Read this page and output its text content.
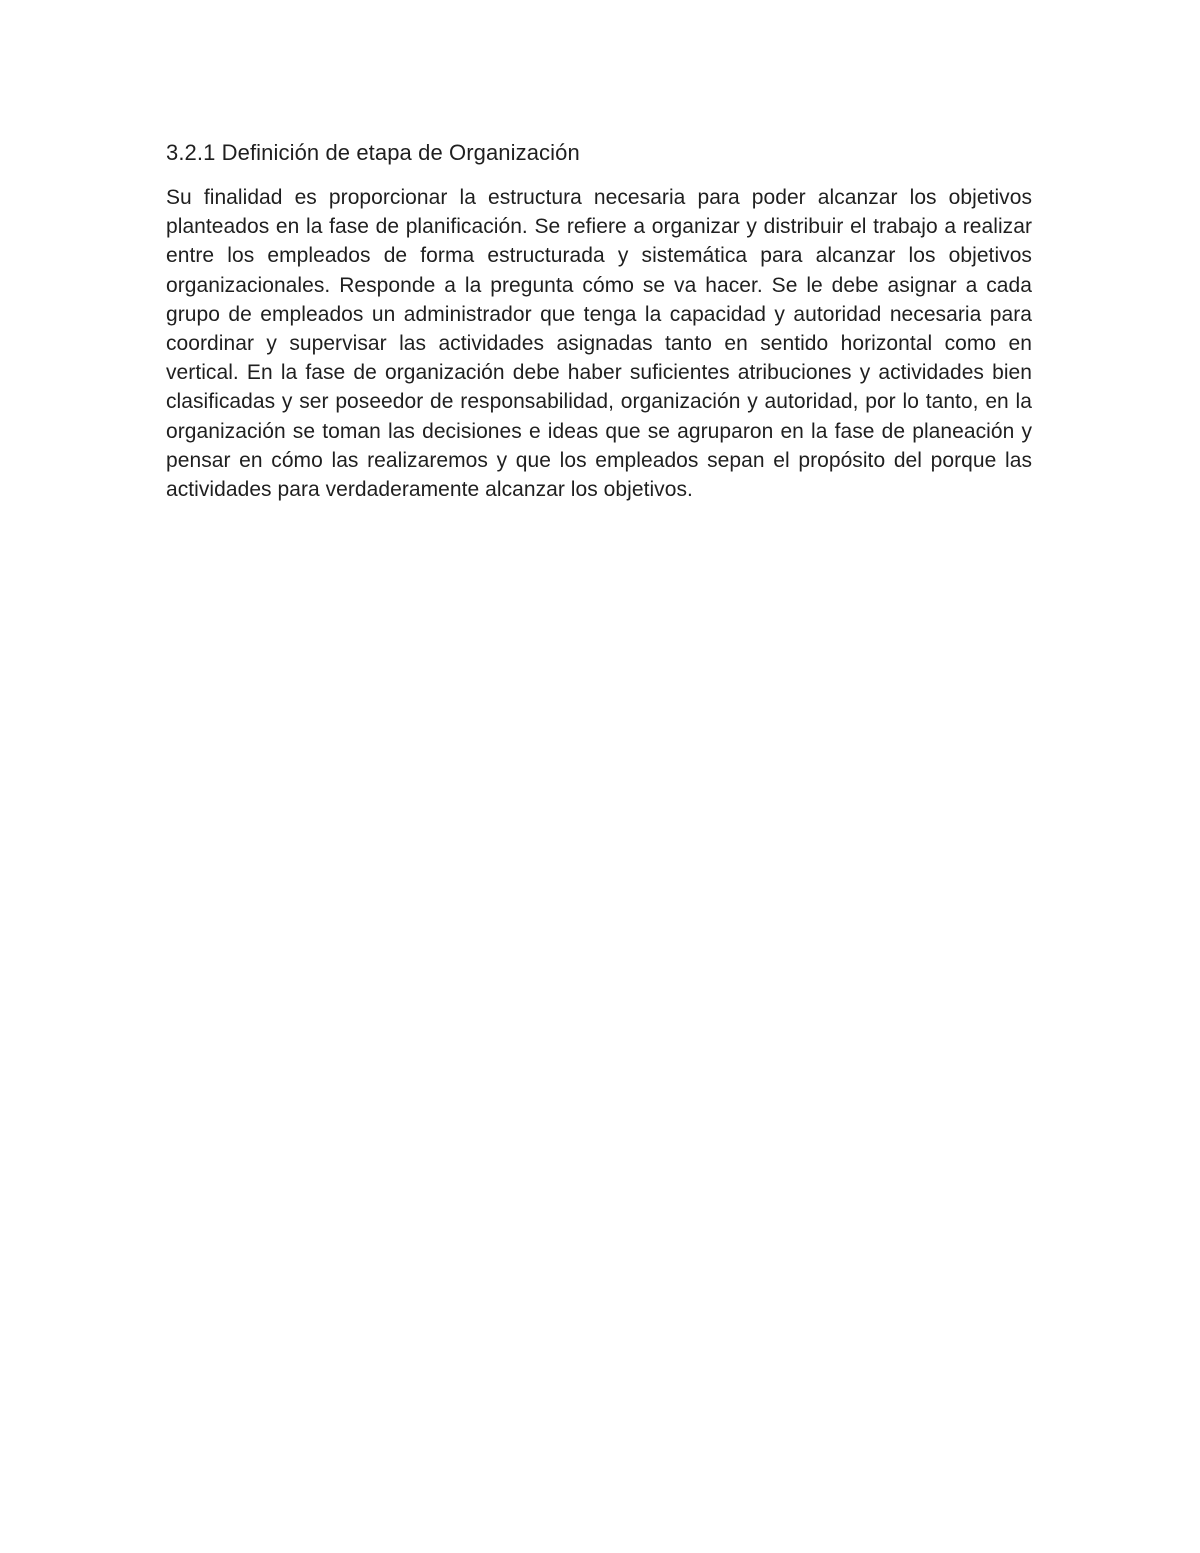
3.2.1 Definición de etapa de Organización

Su finalidad es proporcionar la estructura necesaria para poder alcanzar los objetivos planteados en la fase de planificación. Se refiere a organizar y distribuir el trabajo a realizar entre los empleados de forma estructurada y sistemática para alcanzar los objetivos organizacionales. Responde a la pregunta cómo se va hacer. Se le debe asignar a cada grupo de empleados un administrador que tenga la capacidad y autoridad necesaria para coordinar y supervisar las actividades asignadas tanto en sentido horizontal como en vertical. En la fase de organización debe haber suficientes atribuciones y actividades bien clasificadas y ser poseedor de responsabilidad, organización y autoridad, por lo tanto, en la organización se toman las decisiones e ideas que se agruparon en la fase de planeación y pensar en cómo las realizaremos y que los empleados sepan el propósito del porque las actividades para verdaderamente alcanzar los objetivos.
